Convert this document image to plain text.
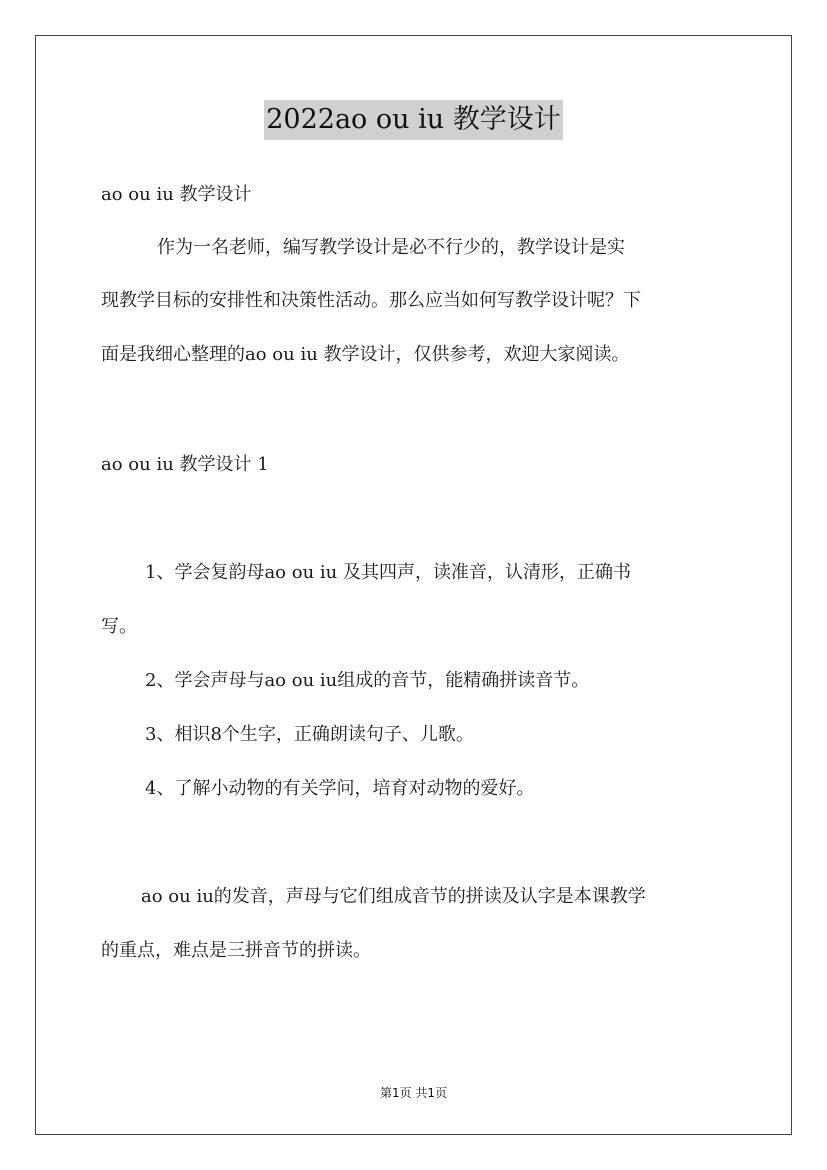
2022ao ou iu 教学设计
ao ou iu 教学设计
作为一名老师，编写教学设计是必不行少的，教学设计是实
现教学目标的安排性和决策性活动。那么应当如何写教学设计呢？下
面是我细心整理的ao ou iu 教学设计，仅供参考，欢迎大家阅读。
ao ou iu 教学设计 1
1、学会复韵母ao ou iu 及其四声，读准音，认清形，正确书
写。
2、学会声母与ao ou iu组成的音节，能精确拼读音节。
3、相识8个生字，正确朗读句子、儿歌。
4、了解小动物的有关学问，培育对动物的爱好。
ao ou iu的发音，声母与它们组成音节的拼读及认字是本课教学
的重点，难点是三拼音节的拼读。
第1页 共1页
